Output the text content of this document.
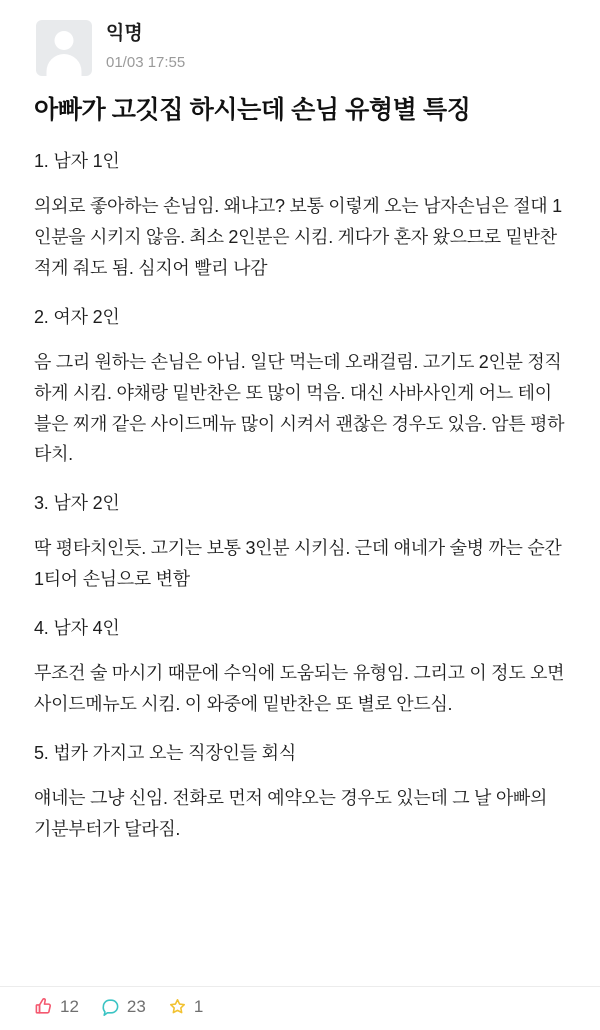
익명
01/03 17:55
아빠가 고깃집 하시는데 손님 유형별 특징
1. 남자 1인
의외로 좋아하는 손님임. 왜냐고? 보통 이렇게 오는 남자손님은 절대 1인분을 시키지 않음. 최소 2인분은 시킴. 게다가 혼자 왔으므로 밑반찬 적게 줘도 됨. 심지어 빨리 나감
2. 여자 2인
음 그리 원하는 손님은 아님. 일단 먹는데 오래걸림. 고기도 2인분 정직하게 시킴. 야채랑 밑반찬은 또 많이 먹음. 대신 사바사인게 어느 테이블은 찌개 같은 사이드메뉴 많이 시켜서 괜찮은 경우도 있음. 암튼 평하타치.
3. 남자 2인
딱 평타치인듯. 고기는 보통 3인분 시키심. 근데 얘네가 술병 까는 순간 1티어 손님으로 변함
4. 남자 4인
무조건 술 마시기 때문에 수익에 도움되는 유형임. 그리고 이 정도 오면 사이드메뉴도 시킴. 이 와중에 밑반찬은 또 별로 안드심.
5. 법카 가지고 오는 직장인들 회식
얘네는 그냥 신임. 전화로 먼저 예약오는 경우도 있는데 그 날 아빠의 기분부터가 달라짐.
12	23	1
